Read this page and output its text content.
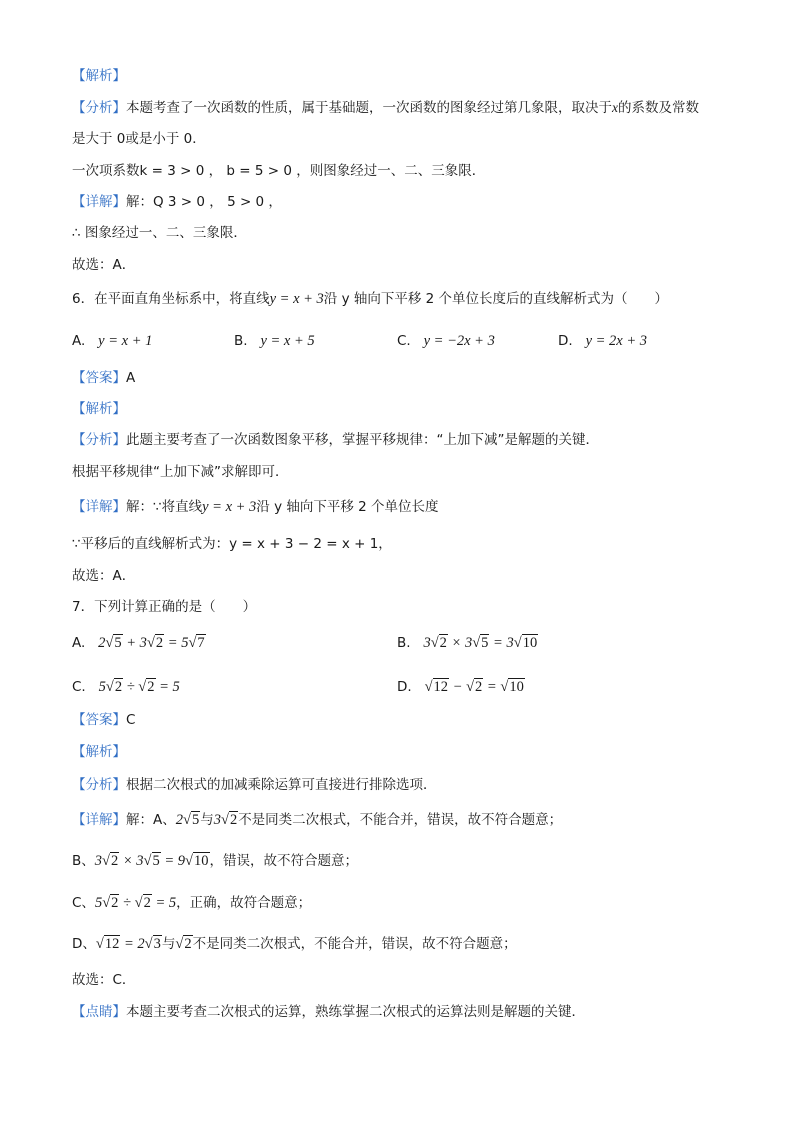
【解析】
【分析】本题考查了一次函数的性质，属于基础题，一次函数的图象经过第几象限，取决于x的系数及常数
是大于 0或是小于 0．
一次项系数k = 3 > 0 ， b = 5 > 0 ，则图象经过一、二、三象限．
【详解】解：Q 3 > 0 ， 5 > 0 ，
∴ 图象经过一、二、三象限．
故选：A．
6．在平面直角坐标系中，将直线y = x + 3沿 y 轴向下平移 2 个单位长度后的直线解析式为（　　）
A. y = x + 1	B. y = x + 5	C. y = −2x + 3	D. y = 2x + 3
【答案】A
【解析】
【分析】此题主要考查了一次函数图象平移，掌握平移规律：“上加下减”是解题的关键．
根据平移规律“上加下减”求解即可．
【详解】解：∵将直线y = x + 3沿 y 轴向下平移 2 个单位长度
∵平移后的直线解析式为：y = x + 3 − 2 = x + 1，
故选：A．
7．下列计算正确的是（　　）
A. 2√5 + 3√2 = 5√7	B. 3√2 × 3√5 = 3√10
C. 5√2 ÷ √2 = 5	D. √12 − √2 = √10
【答案】C
【解析】
【分析】根据二次根式的加减乘除运算可直接进行排除选项．
【详解】解：A、2√5与3√2不是同类二次根式，不能合并，错误，故不符合题意；
B、3√2 × 3√5 = 9√10，错误，故不符合题意；
C、5√2 ÷ √2 = 5，正确，故符合题意；
D、√12 = 2√3与√2不是同类二次根式，不能合并，错误，故不符合题意；
故选：C．
【点睛】本题主要考查二次根式的运算，熟练掌握二次根式的运算法则是解题的关键．
